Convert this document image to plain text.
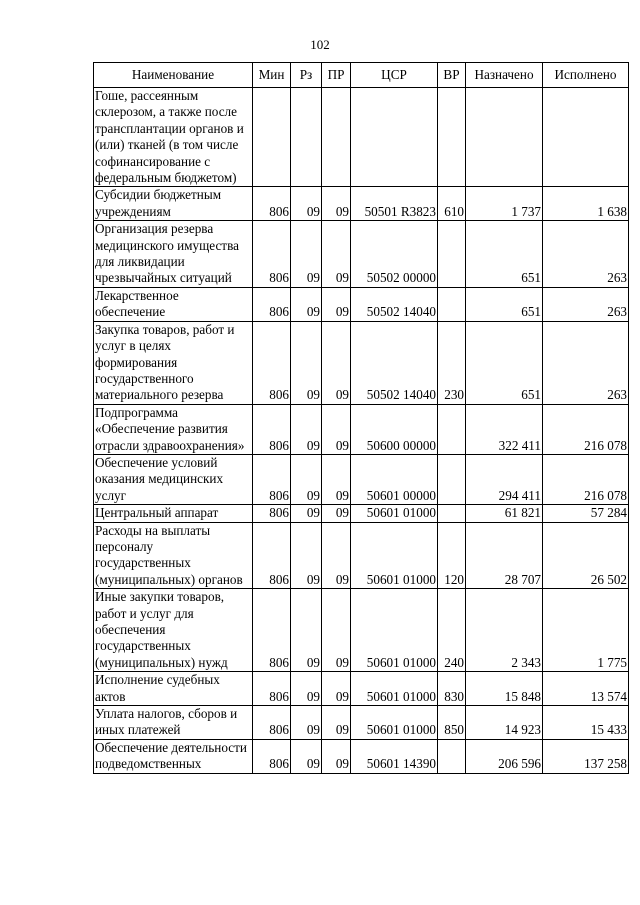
102
Наименование	Мин	Рз	ПР	ЦСР	ВР	Назначено	Исполнено
Гоше, рассеянным склерозом, а также после трансплантации органов и (или) тканей (в том числе софинансирование с федеральным бюджетом)							
Субсидии бюджетным учреждениям	806	09	09	50501 R3823	610	1 737	1 638
Организация резерва медицинского имущества для ликвидации чрезвычайных ситуаций	806	09	09	50502 00000		651	263
Лекарственное обеспечение	806	09	09	50502 14040		651	263
Закупка товаров, работ и услуг в целях формирования государственного материального резерва	806	09	09	50502 14040	230	651	263
Подпрограмма «Обеспечение развития отрасли здравоохранения»	806	09	09	50600 00000		322 411	216 078
Обеспечение условий оказания медицинских услуг	806	09	09	50601 00000		294 411	216 078
Центральный аппарат	806	09	09	50601 01000		61 821	57 284
Расходы на выплаты персоналу государственных (муниципальных) органов	806	09	09	50601 01000	120	28 707	26 502
Иные закупки товаров, работ и услуг для обеспечения государственных (муниципальных) нужд	806	09	09	50601 01000	240	2 343	1 775
Исполнение судебных актов	806	09	09	50601 01000	830	15 848	13 574
Уплата налогов, сборов и иных платежей	806	09	09	50601 01000	850	14 923	15 433
Обеспечение деятельности подведомственных	806	09	09	50601 14390		206 596	137 258
